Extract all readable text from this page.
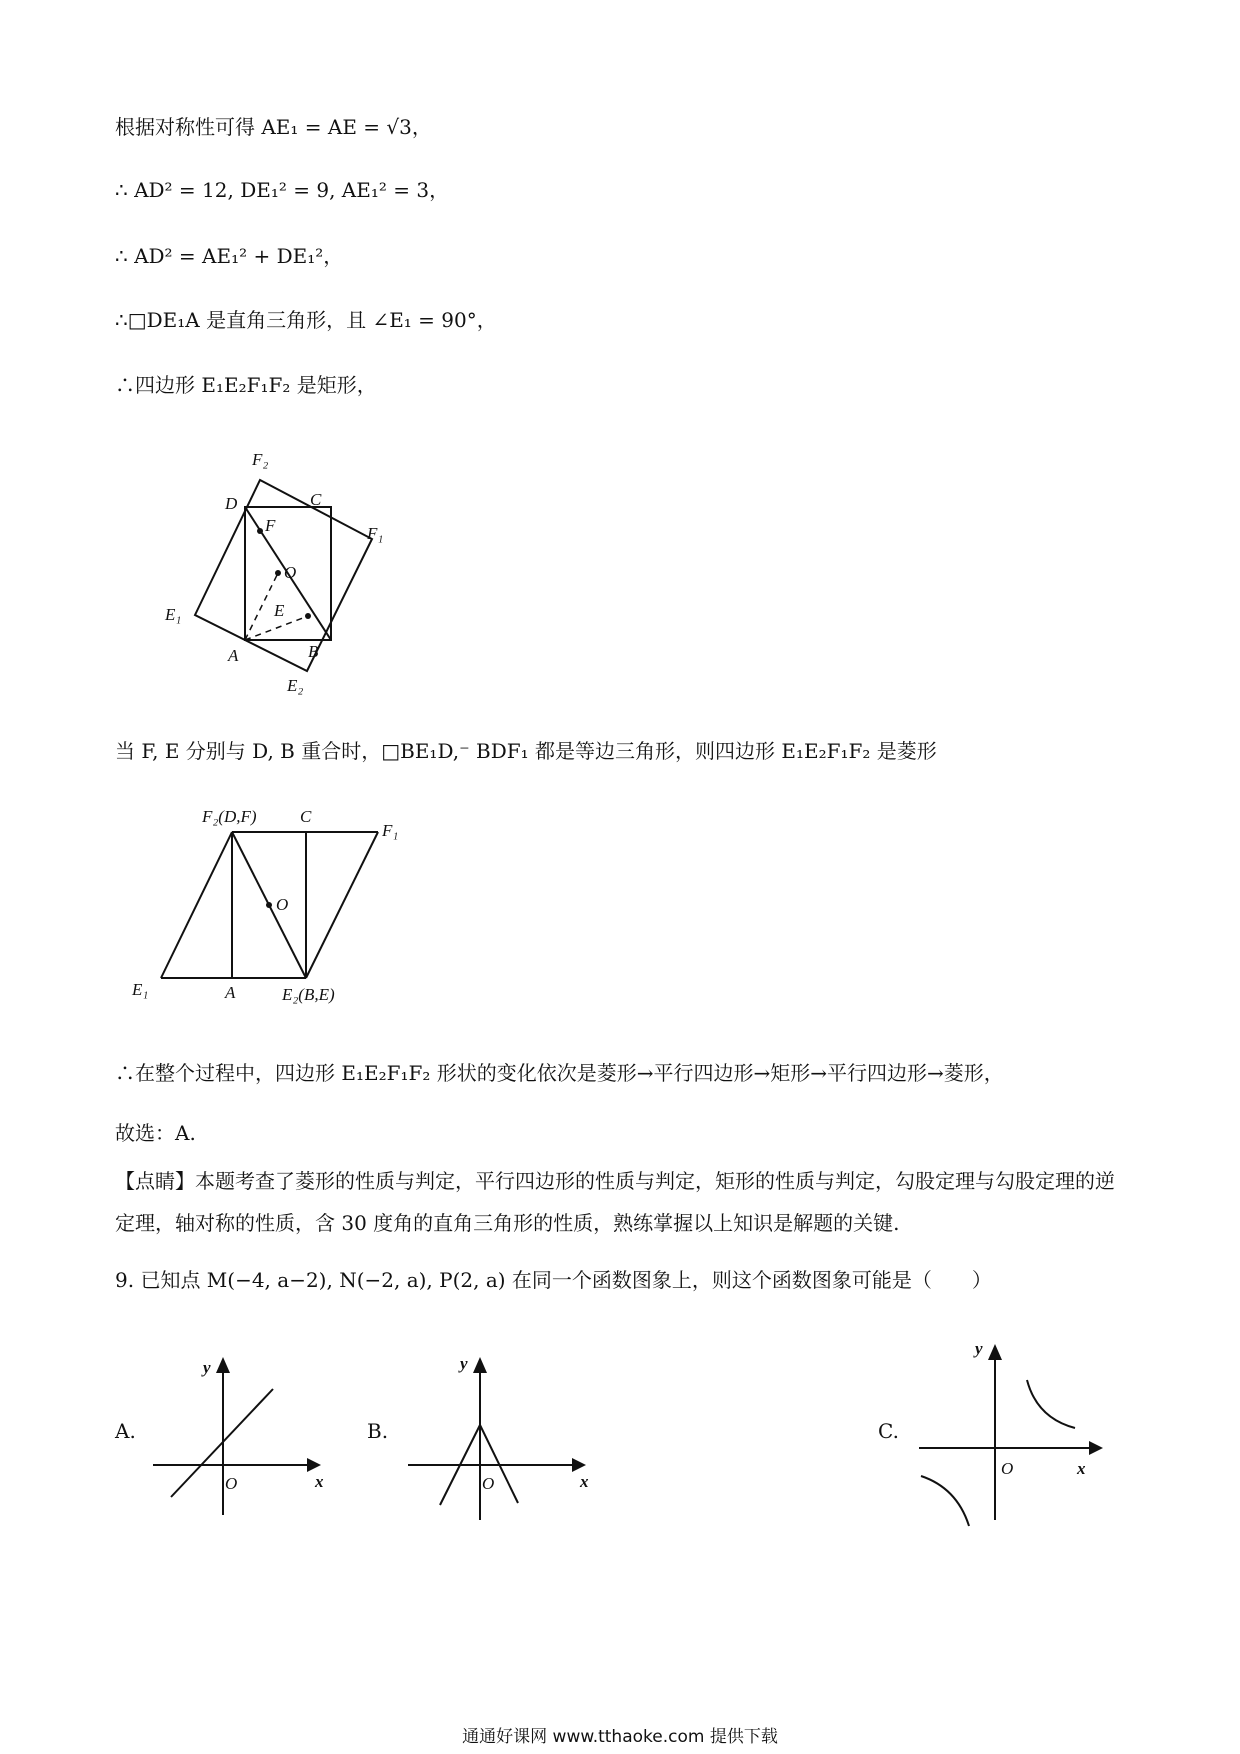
根据对称性可得 AE₁ = AE = √3，
∴ AD² = 12, DE₁² = 9, AE₁² = 3，
∴ AD² = AE₁² + DE₁²，
∴□DE₁A 是直角三角形，且 ∠E₁ = 90°，
∴四边形 E₁E₂F₁F₂ 是矩形，
F₂
D	C
F	F₁
O
E₁	E
A	B
E₂
当 F, E 分别与 D, B 重合时，□BE₁D,⁻ BDF₁ 都是等边三角形，则四边形 E₁E₂F₁F₂ 是菱形
F₂(D,F)	C
F₁
O
E₁	A	E₂(B,E)
∴在整个过程中，四边形 E₁E₂F₁F₂ 形状的变化依次是菱形→平行四边形→矩形→平行四边形→菱形，
故选：A.
【点睛】本题考查了菱形的性质与判定，平行四边形的性质与判定，矩形的性质与判定，勾股定理与勾股定理的逆定理，轴对称的性质，含 30 度角的直角三角形的性质，熟练掌握以上知识是解题的关键.
9. 已知点 M(−4, a−2), N(−2, a), P(2, a) 在同一个函数图象上，则这个函数图象可能是（　　）
A.
y
x
O
B.
y
x
O
C.
y
x
O
通通好课网 www.tthaoke.com 提供下载
